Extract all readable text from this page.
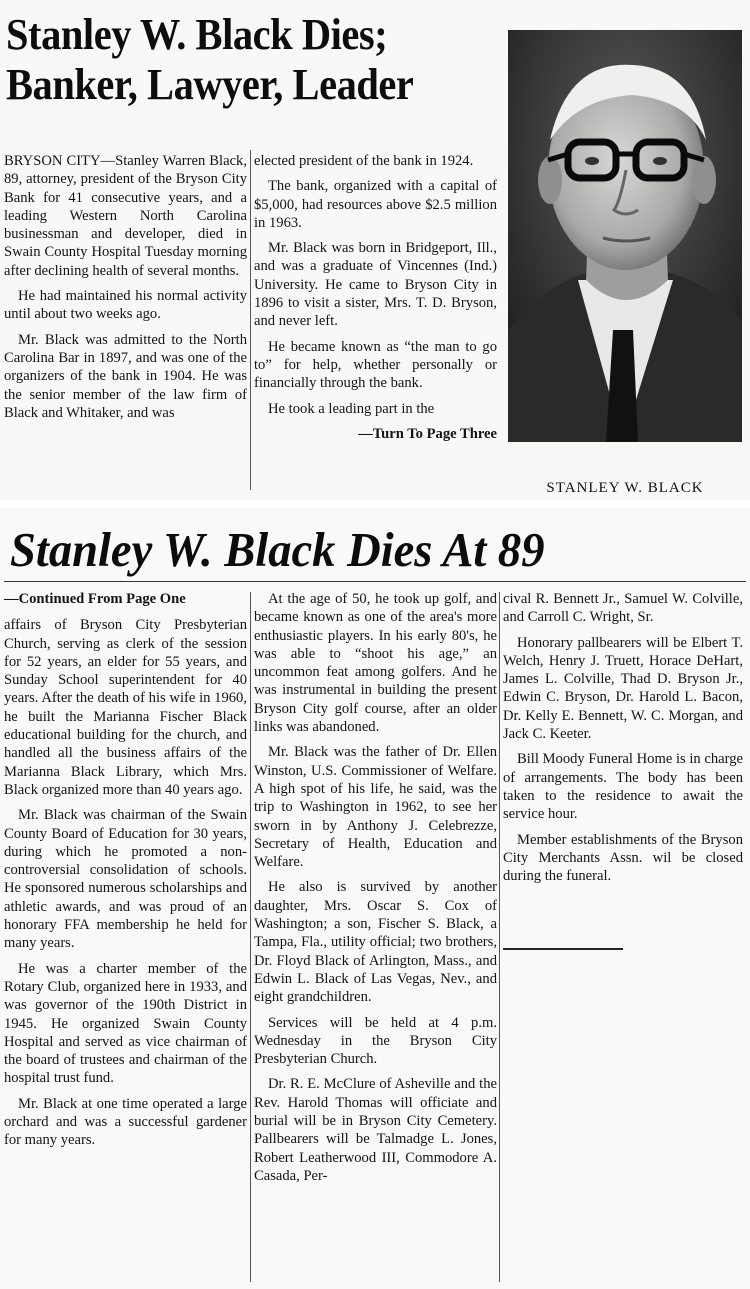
Stanley W. Black Dies;
Banker, Lawyer, Leader

BRYSON CITY—Stanley Warren Black, 89, attorney, president of the Bryson City Bank for 41 consecutive years, and a leading Western North Carolina businessman and developer, died in Swain County Hospital Tuesday morning after declining health of several months.

He had maintained his normal activity until about two weeks ago.

Mr. Black was admitted to the North Carolina Bar in 1897, and was one of the organizers of the bank in 1904. He was the senior member of the law firm of Black and Whitaker, and was

elected president of the bank in 1924.

The bank, organized with a capital of $5,000, had resources above $2.5 million in 1963.

Mr. Black was born in Bridgeport, Ill., and was a graduate of Vincennes (Ind.) University. He came to Bryson City in 1896 to visit a sister, Mrs. T. D. Bryson, and never left.

He became known as “the man to go to” for help, whether personally or financially through the bank.

He took a leading part in the

—Turn To Page Three

STANLEY W. BLACK
Stanley W. Black Dies At 89

—Continued From Page One

affairs of Bryson City Presbyterian Church, serving as clerk of the session for 52 years, an elder for 55 years, and Sunday School superintendent for 40 years. After the death of his wife in 1960, he built the Marianna Fischer Black educational building for the church, and handled all the business affairs of the Marianna Black Library, which Mrs. Black organized more than 40 years ago.

Mr. Black was chairman of the Swain County Board of Education for 30 years, during which he promoted a non-controversial consolidation of schools. He sponsored numerous scholarships and athletic awards, and was proud of an honorary FFA membership he held for many years.

He was a charter member of the Rotary Club, organized here in 1933, and was governor of the 190th District in 1945. He organized Swain County Hospital and served as vice chairman of the board of trustees and chairman of the hospital trust fund.

Mr. Black at one time operated a large orchard and was a successful gardener for many years.

At the age of 50, he took up golf, and became known as one of the area's more enthusiastic players. In his early 80's, he was able to “shoot his age,” an uncommon feat among golfers. And he was instrumental in building the present Bryson City golf course, after an older links was abandoned.

Mr. Black was the father of Dr. Ellen Winston, U.S. Commissioner of Welfare. A high spot of his life, he said, was the trip to Washington in 1962, to see her sworn in by Anthony J. Celebrezze, Secretary of Health, Education and Welfare.

He also is survived by another daughter, Mrs. Oscar S. Cox of Washington; a son, Fischer S. Black, a Tampa, Fla., utility official; two brothers, Dr. Floyd Black of Arlington, Mass., and Edwin L. Black of Las Vegas, Nev., and eight grandchildren.

Services will be held at 4 p.m. Wednesday in the Bryson City Presbyterian Church.

Dr. R. E. McClure of Asheville and the Rev. Harold Thomas will officiate and burial will be in Bryson City Cemetery. Pallbearers will be Talmadge L. Jones, Robert Leatherwood III, Commodore A. Casada, Per-

cival R. Bennett Jr., Samuel W. Colville, and Carroll C. Wright, Sr.

Honorary pallbearers will be Elbert T. Welch, Henry J. Truett, Horace DeHart, James L. Colville, Thad D. Bryson Jr., Edwin C. Bryson, Dr. Harold L. Bacon, Dr. Kelly E. Bennett, W. C. Morgan, and Jack C. Keeter.

Bill Moody Funeral Home is in charge of arrangements. The body has been taken to the residence to await the service hour.

Member establishments of the Bryson City Merchants Assn. wil be closed during the funeral.
